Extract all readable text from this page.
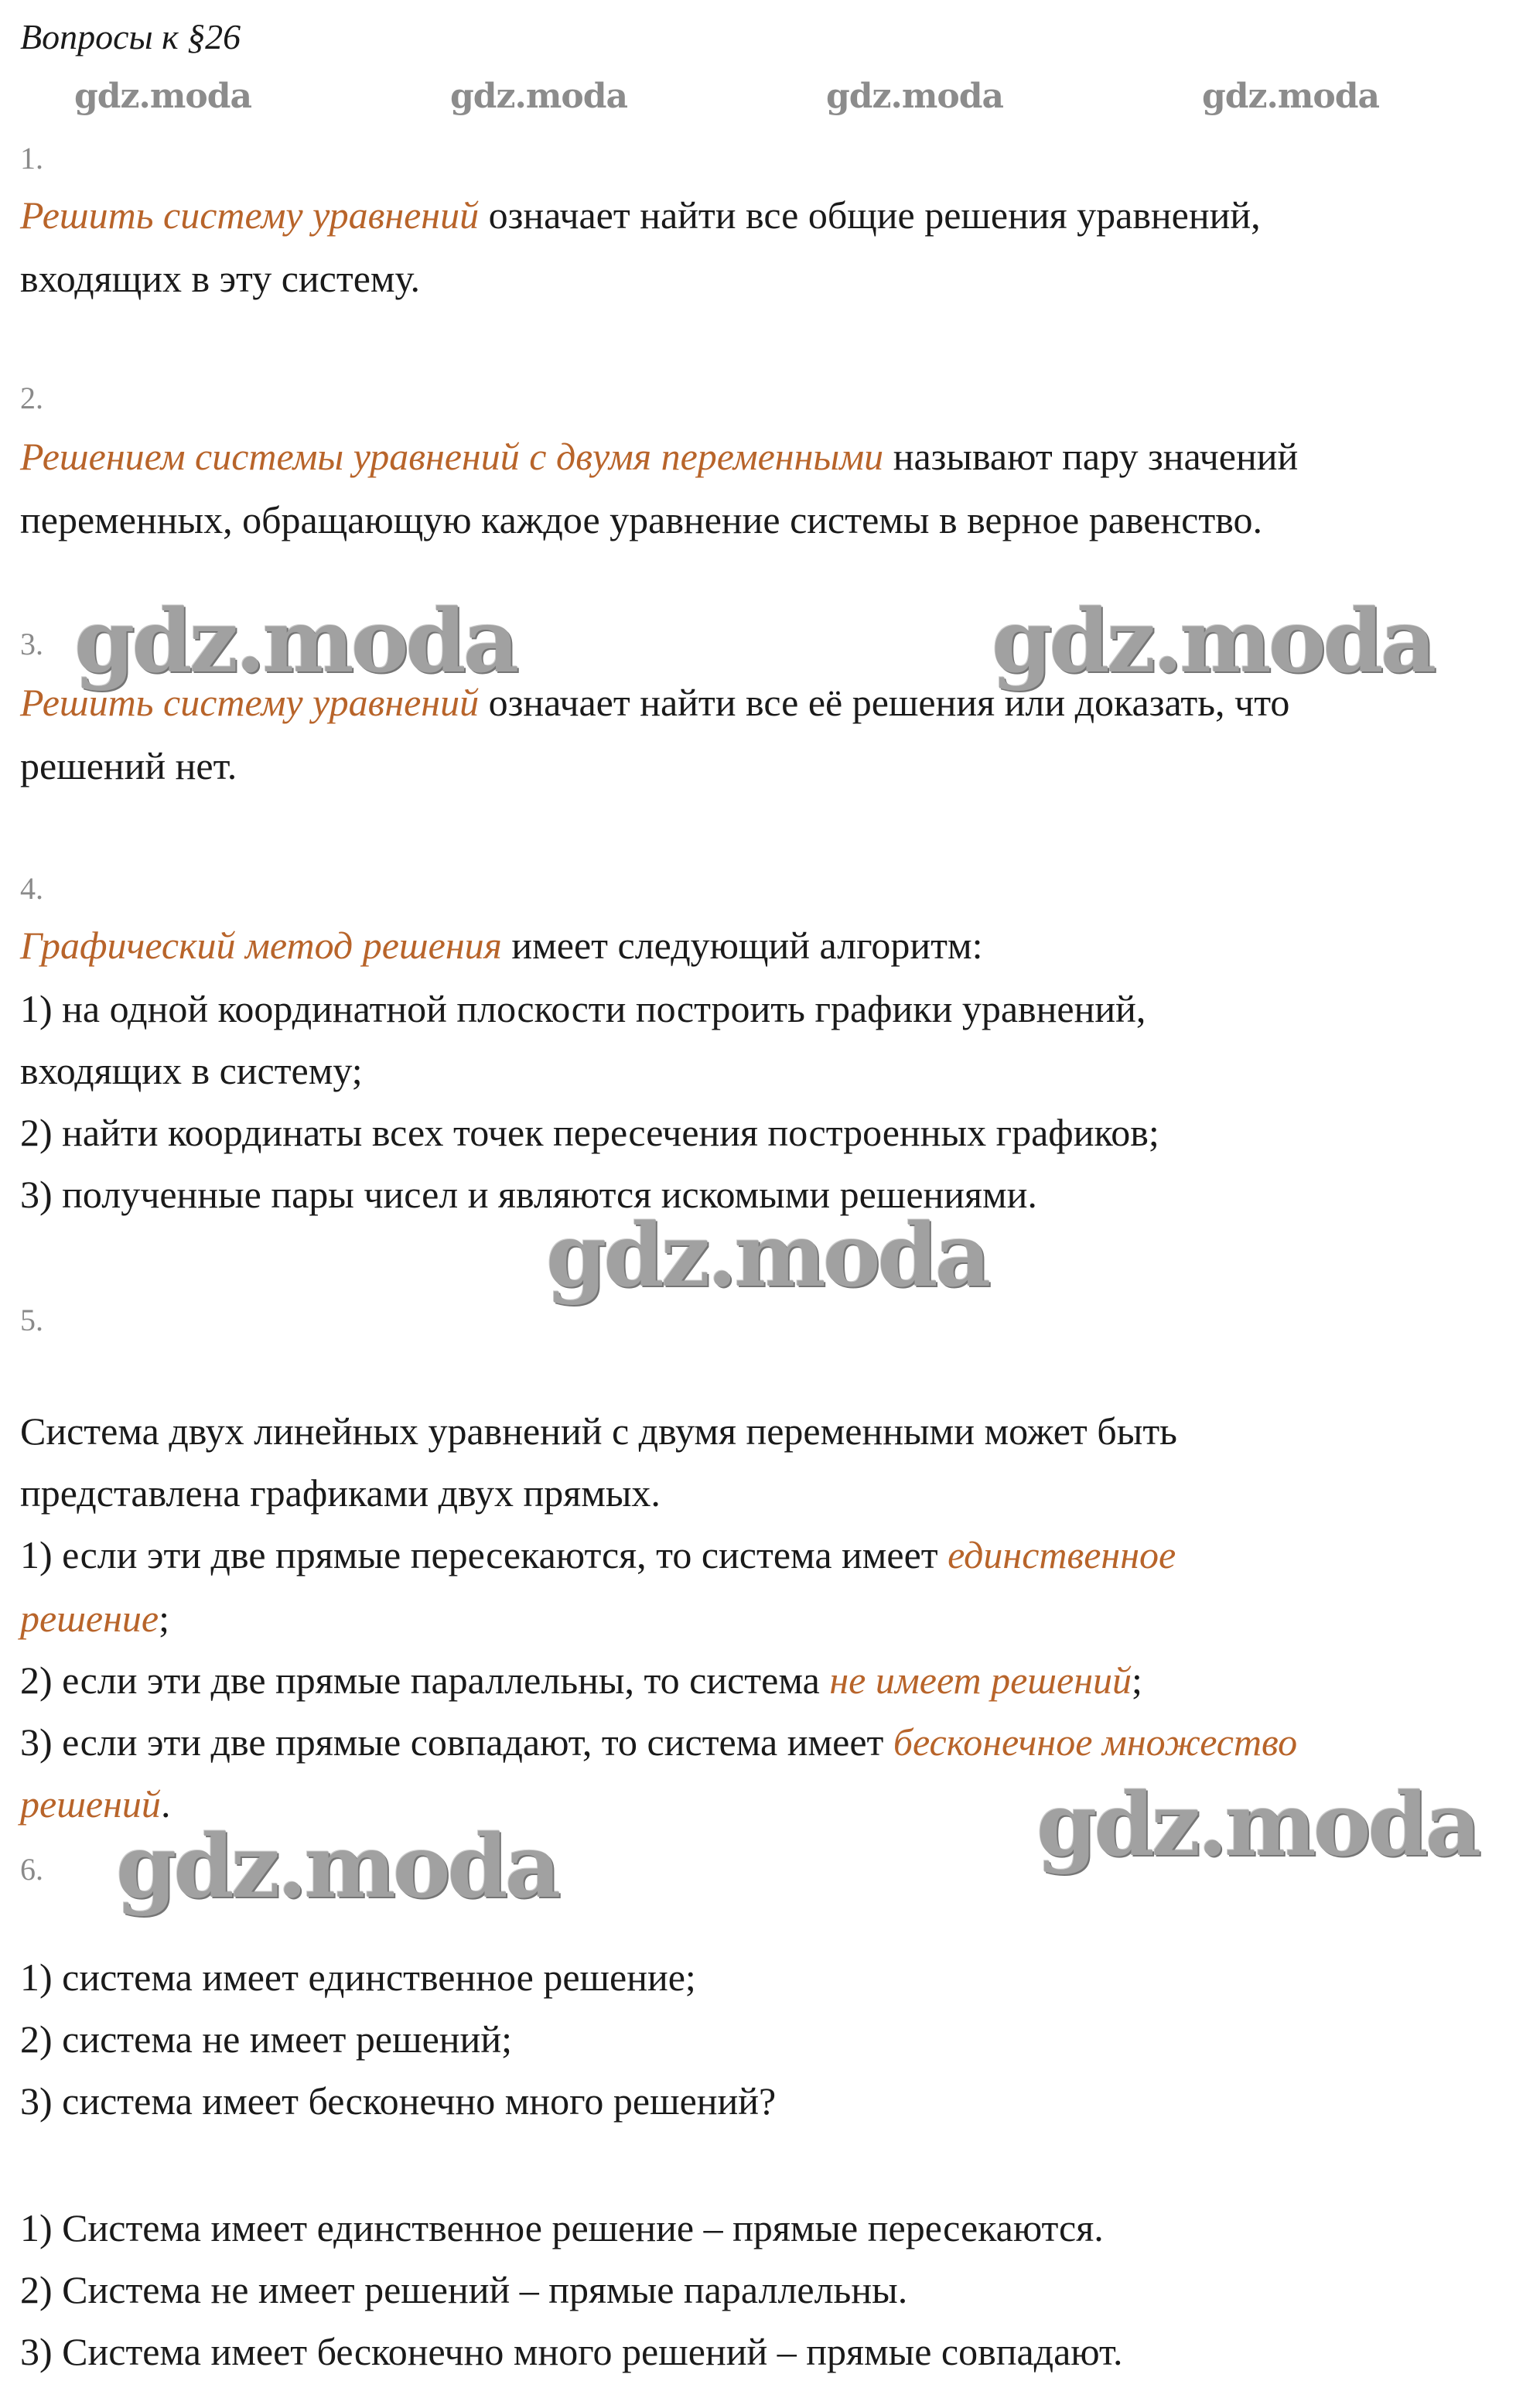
Вопросы к §26
gdz.moda	gdz.moda	gdz.moda	gdz.moda
1.
Решить систему уравнений означает найти все общие решения уравнений,
входящих в эту систему.
2.
Решением системы уравнений с двумя переменными называют пару значений
переменных, обращающую каждое уравнение системы в верное равенство.
3. gdz.moda	gdz.moda
Решить систему уравнений означает найти все её решения или доказать, что
решений нет.
4.
Графический метод решения имеет следующий алгоритм:
1) на одной координатной плоскости построить графики уравнений,
входящих в систему;
2) найти координаты всех точек пересечения построенных графиков;
3) полученные пары чисел и являются искомыми решениями.
gdz.moda
5.
Система двух линейных уравнений с двумя переменными может быть
представлена графиками двух прямых.
1) если эти две прямые пересекаются, то система имеет единственное
решение;
2) если эти две прямые параллельны, то система не имеет решений;
3) если эти две прямые совпадают, то система имеет бесконечное множество
решений.	gdz.moda
6. gdz.moda
1) система имеет единственное решение;
2) система не имеет решений;
3) система имеет бесконечно много решений?
1) Система имеет единственное решение – прямые пересекаются.
2) Система не имеет решений – прямые параллельны.
3) Система имеет бесконечно много решений – прямые совпадают.
